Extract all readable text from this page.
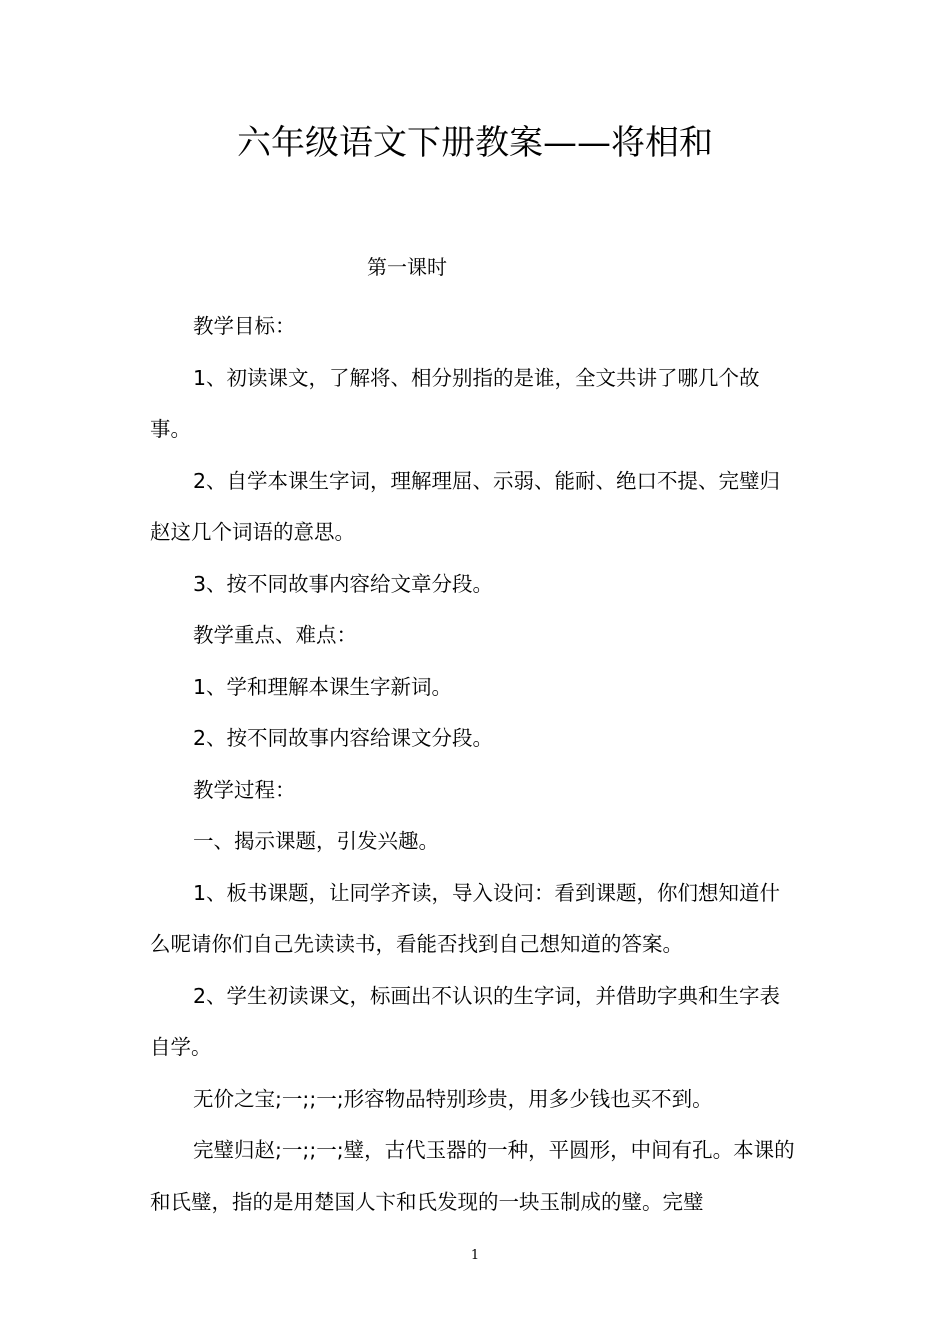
六年级语文下册教案——将相和
第一课时

教学目标：

1、初读课文，了解将、相分别指的是谁，全文共讲了哪几个故事。

2、自学本课生字词，理解理屈、示弱、能耐、绝口不提、完璧归赵这几个词语的意思。

3、按不同故事内容给文章分段。

教学重点、难点：

1、学和理解本课生字新词。

2、按不同故事内容给课文分段。

教学过程：

一、揭示课题，引发兴趣。

1、板书课题，让同学齐读，导入设问：看到课题，你们想知道什么呢请你们自己先读读书，看能否找到自己想知道的答案。

2、学生初读课文，标画出不认识的生字词，并借助字典和生字表自学。

无价之宝;一;;一;形容物品特别珍贵，用多少钱也买不到。

完璧归赵;一;;一;璧，古代玉器的一种，平圆形，中间有孔。本课的和氏璧，指的是用楚国人卞和氏发现的一块玉制成的璧。完璧

1
